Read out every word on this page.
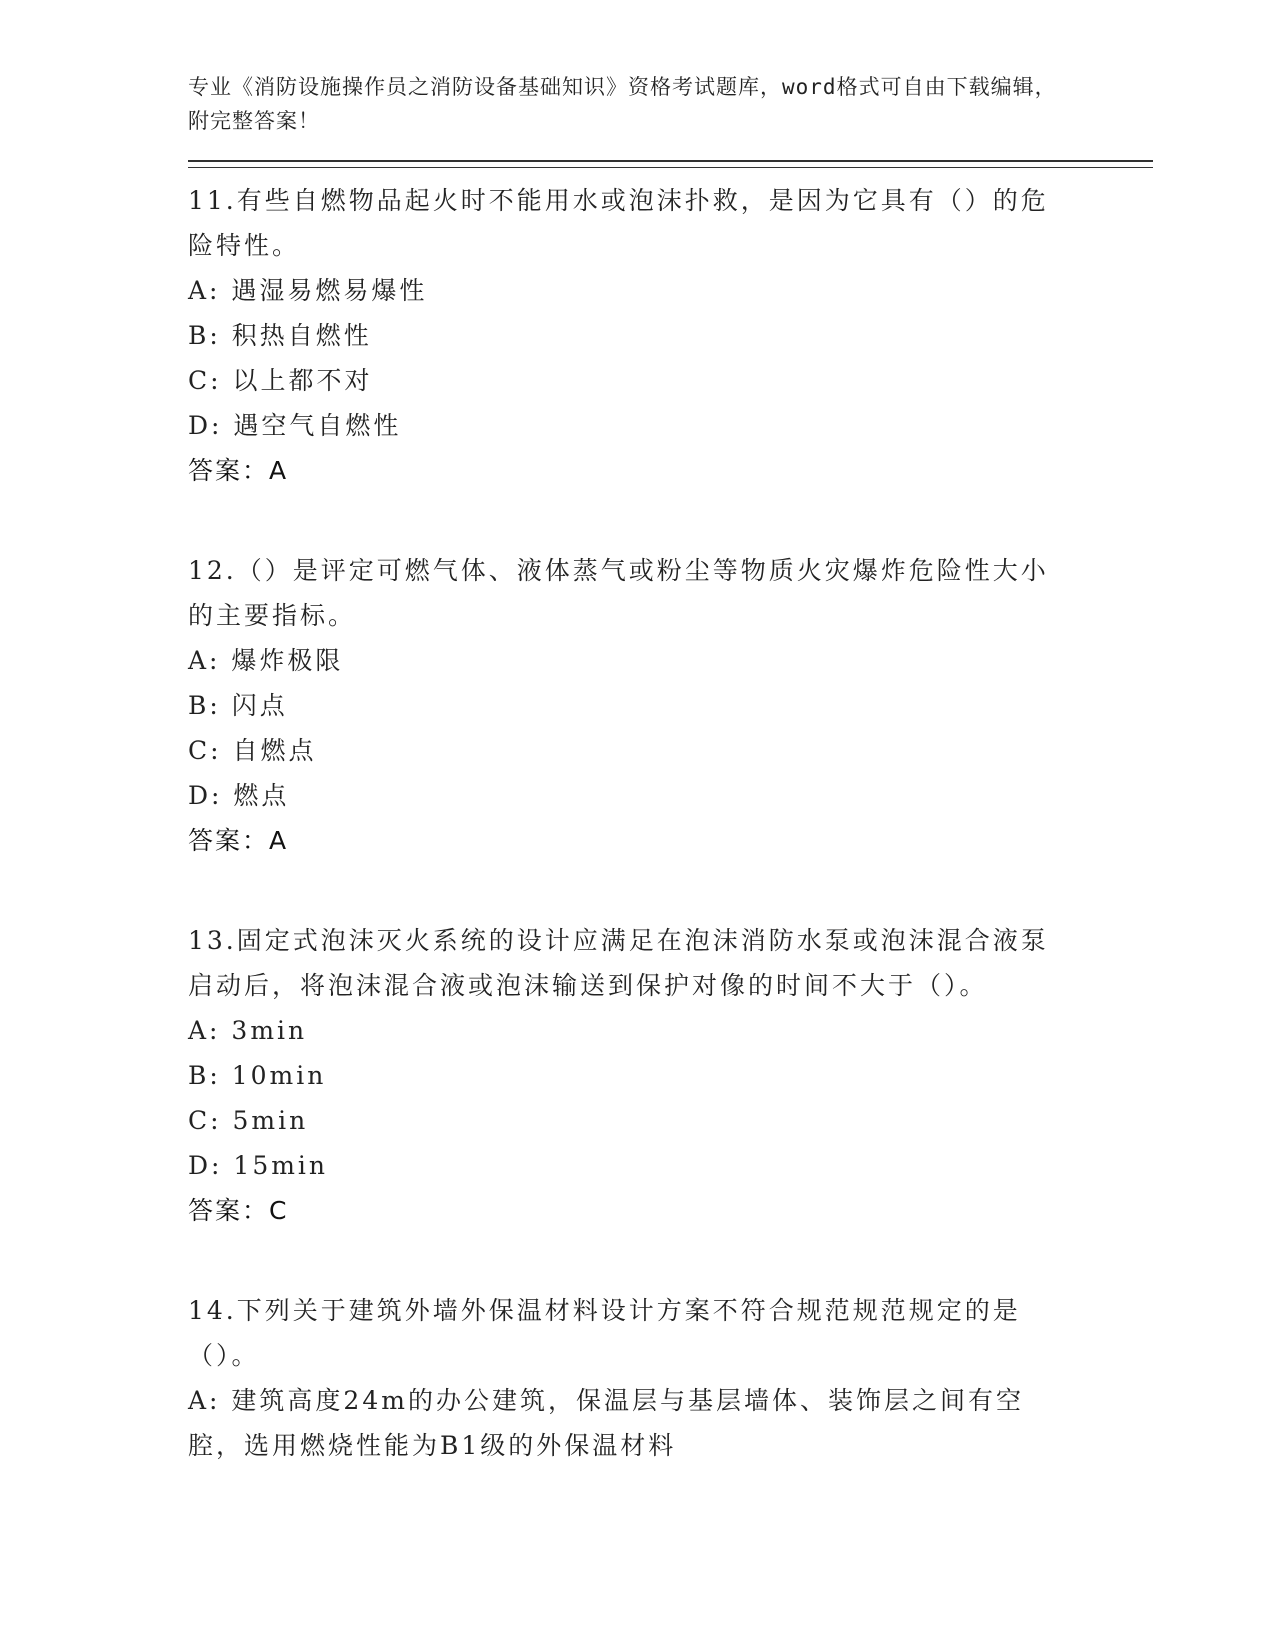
专业《消防设施操作员之消防设备基础知识》资格考试题库，word格式可自由下载编辑，附完整答案！

11.有些自燃物品起火时不能用水或泡沫扑救，是因为它具有（）的危险特性。

A: 遇湿易燃易爆性
B: 积热自燃性
C: 以上都不对
D: 遇空气自燃性
答案：A

12.（）是评定可燃气体、液体蒸气或粉尘等物质火灾爆炸危险性大小的主要指标。

A: 爆炸极限
B: 闪点
C: 自燃点
D: 燃点
答案：A

13.固定式泡沫灭火系统的设计应满足在泡沫消防水泵或泡沫混合液泵启动后，将泡沫混合液或泡沫输送到保护对像的时间不大于（）。

A: 3min
B: 10min
C: 5min
D: 15min
答案：C

14.下列关于建筑外墙外保温材料设计方案不符合规范规范规定的是（）。

A: 建筑高度24m的办公建筑，保温层与基层墙体、装饰层之间有空腔，选用燃烧性能为B1级的外保温材料
